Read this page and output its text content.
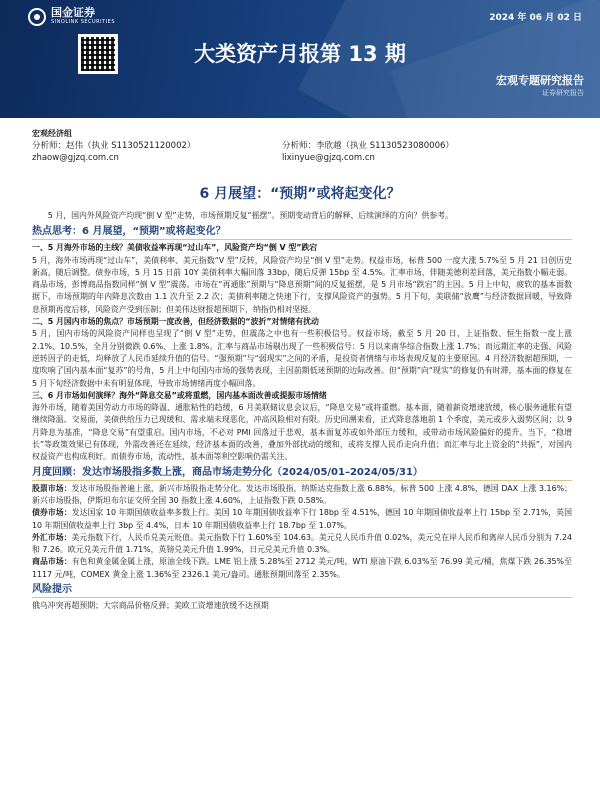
国金证券
SINOLINK SECURITIES	2024 年 06 月 02 日
大类资产月报第 13 期
宏观专题研究报告
证券研究报告
宏观经济组
分析师：赵伟（执业 S1130521120002）
zhaow@gjzq.com.cn
分析师：李欣越（执业 S1130523080006）
lixinyue@gjzq.com.cn
6 月展望：“预期”或将起变化？

5 月，国内外风险资产均现“倒 V 型”走势，市场预期反复“摇摆”。预期变动背后的解释、后续演绎的方向？供参考。

热点思考：6 月展望，“预期”或将起变化？

一、5 月海外市场的主线？美债收益率再现“过山车”，风险资产均“倒 V 型”跌宕

5 月，海外市场再现“过山车”，美债利率、美元指数“V 型”反转，风险资产均呈“倒 V 型”走势。权益市场，标普 500 一度大涨 5.7%至 5 月 21 日创历史新高，随后调整。债券市场，5 月 15 日前 10Y 美债利率大幅回落 33bp，随后反弹 15bp 至 4.5%。汇率市场，伴随美德利差回落，美元指数小幅走弱。商品市场，彭博商品指数同样“倒 V 型”震荡。市场在“再通胀”预期与“降息预期”间的反复摇摆，是 5 月市场“跌宕”的主因。5 月上中旬，疲软的基本面数据下，市场预期的年内降息次数由 1.1 次升至 2.2 次；美债利率随之快速下行，支撑风险资产的强势。5 月下旬，美联储“放鹰”与经济数据回暖，导致降息预期再度后移，风险资产受到压制；但美伟达财报超预期下，纳指仍相对坚挺。

二、5 月国内市场的焦点？市场预期一度改善，但经济数据的“波折”对情绪有扰动

5 月，国内市场的风险资产同样也呈现了“倒 V 型”走势，但震荡之中也有一些积极信号。权益市场，截至 5 月 20 日，上证指数、恒生指数一度上涨 2.1%、10.5%，全月分别微跌 0.6%、上涨 1.8%。汇率与商品市场剔出现了一些积极信号：5 月以来南华综合指数上涨 1.7%；而远期汇率的走强、风险逆转因子的走低，均释放了人民币延续升值的信号。“强预期”与“弱现实”之间的矛盾，是投资者情绪与市场表现反复的主要原因。4 月经济数据超预期，一度吹响了国内基本面“复苏”的号角，5 月上中旬国内市场的强势表现，主因前期低迷预期的边际改善。但“预期”向“现实”的修复仍有时滞，基本面的修复在 5 月下旬经济数据中未有明显体现，导致市场情绪再度小幅回落。

三、6 月市场如何演绎？海外“降息交易”或将重燃，国内基本面改善或提振市场情绪

海外市场，随着美国劳动力市场的降温、通胀粘性的趋缓，6 月美联储议息会议后，“降息交易”或将重燃。基本面，随着薪资增速放缓，核心服务通胀有望继续降温。交易面，美债供给压力已现缓和、需求端未现恶化，冲高风险相对有限。历史回溯来看，正式降息落地前 1 个季度，美元或步入弱势区间；以 9 月降息为基准，“降息交易”有望重启。国内市场，不必对 PMI 回落过于悲观，基本面复苏或如外部压力缓和，或带动市场风险偏好的提升。当下，“稳增长”等政策效果已有体现，外需改善还在延续，经济基本面的改善，叠加外部扰动的缓和，或将支撑人民币走向升值；而汇率与北上资金的“共振”，对国内权益资产也构成利好。而债券市场，流动性、基本面等利空影响仍需关注。

月度回顾：发达市场股指多数上涨，商品市场走势分化（2024/05/01–2024/05/31）

股票市场：发达市场股指普遍上涨，新兴市场股指走势分化。发达市场股指，纳斯达克指数上涨 6.88%，标普 500 上涨 4.8%，德国 DAX 上涨 3.16%；新兴市场股指，伊斯坦布尔证交所全国 30 指数上涨 4.60%，上证指数下跌 0.58%。

债券市场：发达国家 10 年期国债收益率多数上行。美国 10 年期国债收益率下行 18bp 至 4.51%，德国 10 年期国债收益率上行 15bp 至 2.71%，英国 10 年期国债收益率上行 3bp 至 4.4%，日本 10 年期国债收益率上行 18.7bp 至 1.07%。

外汇市场：美元指数下行，人民币兑美元贬值。美元指数下行 1.60%至 104.63。美元兑人民币升值 0.02%，美元兑在岸人民币和离岸人民币分别为 7.24 和 7.26。欧元兑美元升值 1.71%，英镑兑美元升值 1.99%，日元兑美元升值 0.3%。

商品市场：有色和黄金属金属上涨，原油全线下跌。LME 铝上涨 5.28%至 2712 美元/吨，WTI 原油下跌 6.03%至 76.99 美元/桶，焦煤下跌 26.35%至 1117 元/吨，COMEX 黄金上涨 1.36%至 2326.1 美元/盎司。通胀预期回落至 2.35%。

风险提示

俄乌冲突再超预期；大宗商品价格反弹；美欧工资增速放缓不达预期
